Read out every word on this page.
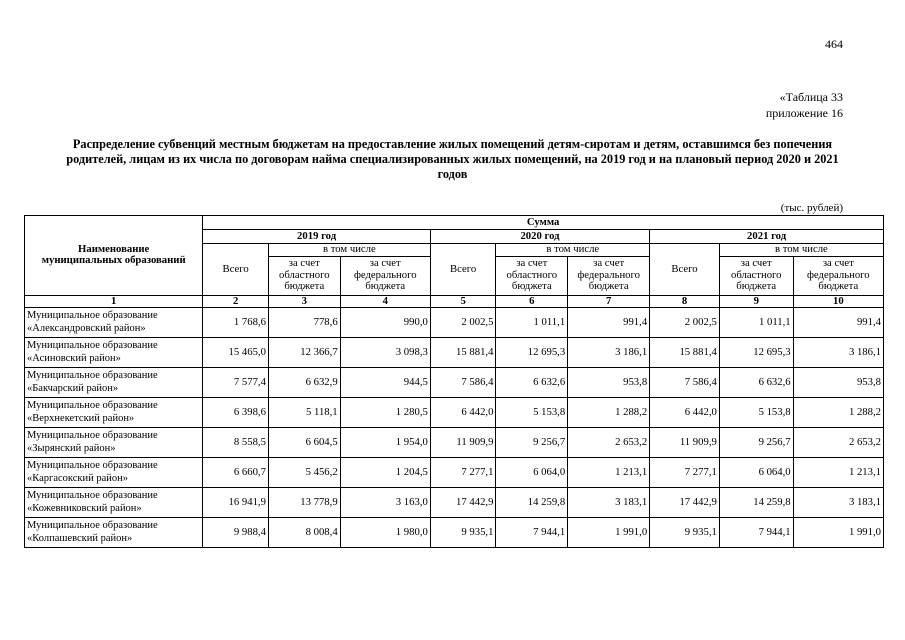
464
«Таблица 33
приложение 16
Распределение субвенций местным бюджетам на предоставление жилых помещений детям-сиротам и детям, оставшимся без попечения родителей, лицам из их числа по договорам найма специализированных жилых помещений, на 2019 год и на плановый период 2020 и 2021 годов
(тыс. рублей)
Наименование муниципальных образований	Сумма								
	2019 год			2020 год			2021 год		
	Всего	в том числе		Всего	в том числе		Всего	в том числе	
		за счет областного бюджета	за счет федерального бюджета		за счет областного бюджета	за счет федерального бюджета		за счет областного бюджета	за счет федерального бюджета
1	2	3	4	5	6	7	8	9	10

Муниципальное образование
«Александровский район»	1 768,6	778,6	990,0	2 002,5	1 011,1	991,4	2 002,5	1 011,1	991,4

Муниципальное образование
«Асиновский район»	15 465,0	12 366,7	3 098,3	15 881,4	12 695,3	3 186,1	15 881,4	12 695,3	3 186,1

Муниципальное образование
«Бакчарский район»	7 577,4	6 632,9	944,5	7 586,4	6 632,6	953,8	7 586,4	6 632,6	953,8

Муниципальное образование
«Верхнекетский район»	6 398,6	5 118,1	1 280,5	6 442,0	5 153,8	1 288,2	6 442,0	5 153,8	1 288,2

Муниципальное образование
«Зырянский район»	8 558,5	6 604,5	1 954,0	11 909,9	9 256,7	2 653,2	11 909,9	9 256,7	2 653,2

Муниципальное образование
«Каргасокский район»	6 660,7	5 456,2	1 204,5	7 277,1	6 064,0	1 213,1	7 277,1	6 064,0	1 213,1

Муниципальное образование
«Кожевниковский район»	16 941,9	13 778,9	3 163,0	17 442,9	14 259,8	3 183,1	17 442,9	14 259,8	3 183,1

Муниципальное образование
«Колпашевский район»	9 988,4	8 008,4	1 980,0	9 935,1	7 944,1	1 991,0	9 935,1	7 944,1	1 991,0
